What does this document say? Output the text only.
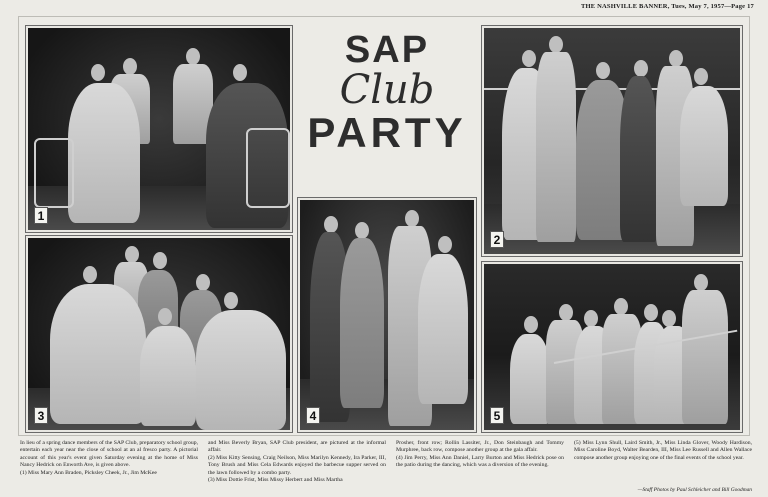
THE NASHVILLE BANNER, Tues, May 7, 1957—Page 17
1
3
SAP
Club
PARTY
4
2
5
In lieu of a spring dance members of the SAP Club, preparatory school group, entertain each year near the close of school at an al fresco party. A pictorial account of this year's event given Saturday evening at the home of Miss Nancy Hedrick on Enworth Ave, is given above.
(1) Miss Mary Ann Braden, Picksley Cheek, Jr., Jim McKee
and Miss Beverly Bryan, SAP Club president, are pictured at the informal affair.
(2) Miss Kitty Sensing, Craig Neilson, Miss Marilyn Kennedy, Ira Parker, III, Tony Brush and Miss Cela Edwards enjoyed the barbecue supper served on the lawn followed by a combo party.
(3) Miss Dottie Frist, Miss Missy Herbert and Miss Martha
Prosher, front row; Rollin Lassiter, Jr., Don Steinbaugh and Tommy Murphree, back row, compose another group at the gala affair.
(4) Jim Perry, Miss Ann Daniel, Larry Burton and Miss Hedrick pose on the patio during the dancing, which was a diversion of the evening.
(5) Miss Lynn Shull, Laird Smith, Jr., Miss Linda Glover, Woody Hardison, Miss Caroline Boyd, Walter Bearden, III, Miss Lee Russell and Allen Wallace compose another group enjoying one of the final events of the school year.
—Staff Photos by Paul Schleicher and Bill Goodman
